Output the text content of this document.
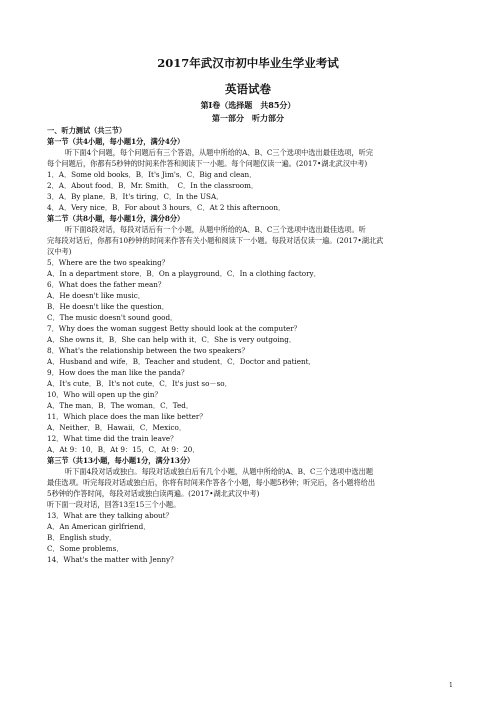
2017年武汉市初中毕业生学业考试
英语试卷
第Ⅰ卷（选择题　共85分）
第一部分　听力部分
一、听力测试（共三节）
第一节（共4小题，每小题1分，满分4分）
听下面4个问题，每个问题后有三个答语，从题中所给的A、B、C三个选项中选出最佳选项，听完
每个问题后，你都有5秒钟的时间来作答和阅读下一小题。每个问题仅读一遍。(2017•湖北武汉中考)
1．A．Some old books．B．It's Jim's．C．Big and clean．
2．A．About food．B．Mr. Smith．　C．In the classroom．
3．A．By plane．B．It's tiring．C．In the USA．
4．A．Very nice．B．For about 3 hours．C．At 2 this afternoon．
第二节（共8小题，每小题1分，满分8分）
听下面8段对话，每段对话后有一个小题，从题中所给的A、B、C三个选项中选出最佳选项。听
完每段对话后，你都有10秒钟的时间来作答有关小题和阅读下一小题。每段对话仅读一遍。(2017•湖北武
汉中考)
5．Where are the two speaking？
A．In a department store．B．On a playground．C．In a clothing factory．
6．What does the father mean？
A．He doesn't like music．
B．He doesn't like the question．
C．The music doesn't sound good．
7．Why does the woman suggest Betty should look at the computer？
A．She owns it．B．She can help with it．C．She is very outgoing．
8．What's the relationship between the two speakers？
A．Husband and wife．B．Teacher and student．C．Doctor and patient．
9．How does the man like the panda？
A．It's cute．B．It's not cute．C．It's just so－so．
10．Who will open up the gin？
A．The man．B．The woman．C．Ted．
11．Which place does the man like better？
A．Neither．B．Hawaii．C．Mexico．
12．What time did the train leave？
A．At 9：10．B．At 9：15．C．At 9：20．
第三节（共13小题，每小题1分，满分13分）
听下面4段对话或独白。每段对话或独白后有几个小题，从题中所给的A、B、C三个选项中选出题
最佳选项。听完每段对话或独白后，你将有时间来作答各个小题，每小题5秒钟；听完后，各小题将给出
5秒钟的作答时间，每段对话或独白读两遍。(2017•湖北武汉中考)
听下面一段对话，回答13至15三个小题。
13．What are they talking about？
A．An American girlfriend．
B．English study．
C．Some problems．
14．What's the matter with Jenny？
1
